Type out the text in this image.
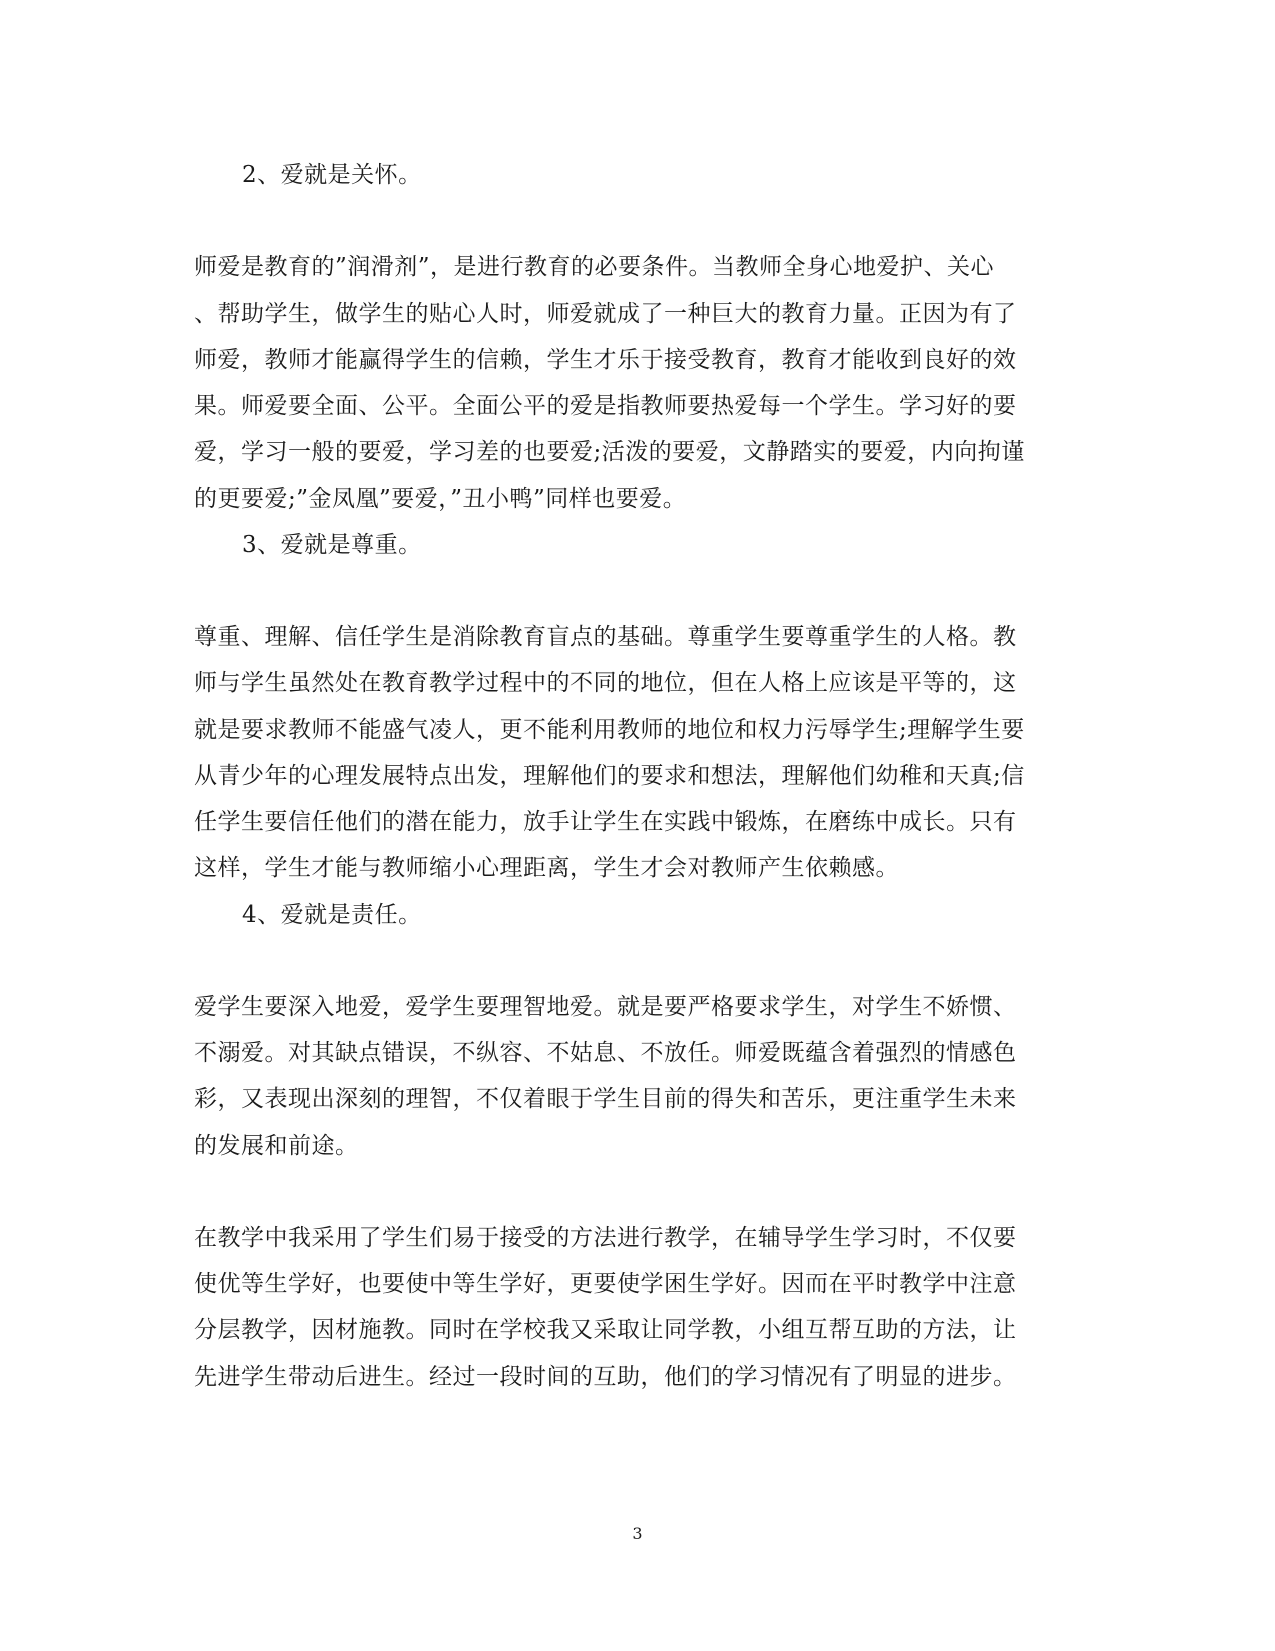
2、爱就是关怀。
师爱是教育的”润滑剂”，是进行教育的必要条件。当教师全身心地爱护、关心
、帮助学生，做学生的贴心人时，师爱就成了一种巨大的教育力量。正因为有了
师爱，教师才能赢得学生的信赖，学生才乐于接受教育，教育才能收到良好的效
果。师爱要全面、公平。全面公平的爱是指教师要热爱每一个学生。学习好的要
爱，学习一般的要爱，学习差的也要爱;活泼的要爱，文静踏实的要爱，内向拘谨
的更要爱;”金凤凰”要爱，”丑小鸭”同样也要爱。
3、爱就是尊重。
尊重、理解、信任学生是消除教育盲点的基础。尊重学生要尊重学生的人格。教
师与学生虽然处在教育教学过程中的不同的地位，但在人格上应该是平等的，这
就是要求教师不能盛气凌人，更不能利用教师的地位和权力污辱学生;理解学生要
从青少年的心理发展特点出发，理解他们的要求和想法，理解他们幼稚和天真;信
任学生要信任他们的潜在能力，放手让学生在实践中锻炼，在磨练中成长。只有
这样，学生才能与教师缩小心理距离，学生才会对教师产生依赖感。
4、爱就是责任。
爱学生要深入地爱，爱学生要理智地爱。就是要严格要求学生，对学生不娇惯、
不溺爱。对其缺点错误，不纵容、不姑息、不放任。师爱既蕴含着强烈的情感色
彩，又表现出深刻的理智，不仅着眼于学生目前的得失和苦乐，更注重学生未来
的发展和前途。
在教学中我采用了学生们易于接受的方法进行教学，在辅导学生学习时，不仅要
使优等生学好，也要使中等生学好，更要使学困生学好。因而在平时教学中注意
分层教学，因材施教。同时在学校我又采取让同学教，小组互帮互助的方法，让
先进学生带动后进生。经过一段时间的互助，他们的学习情况有了明显的进步。
3
